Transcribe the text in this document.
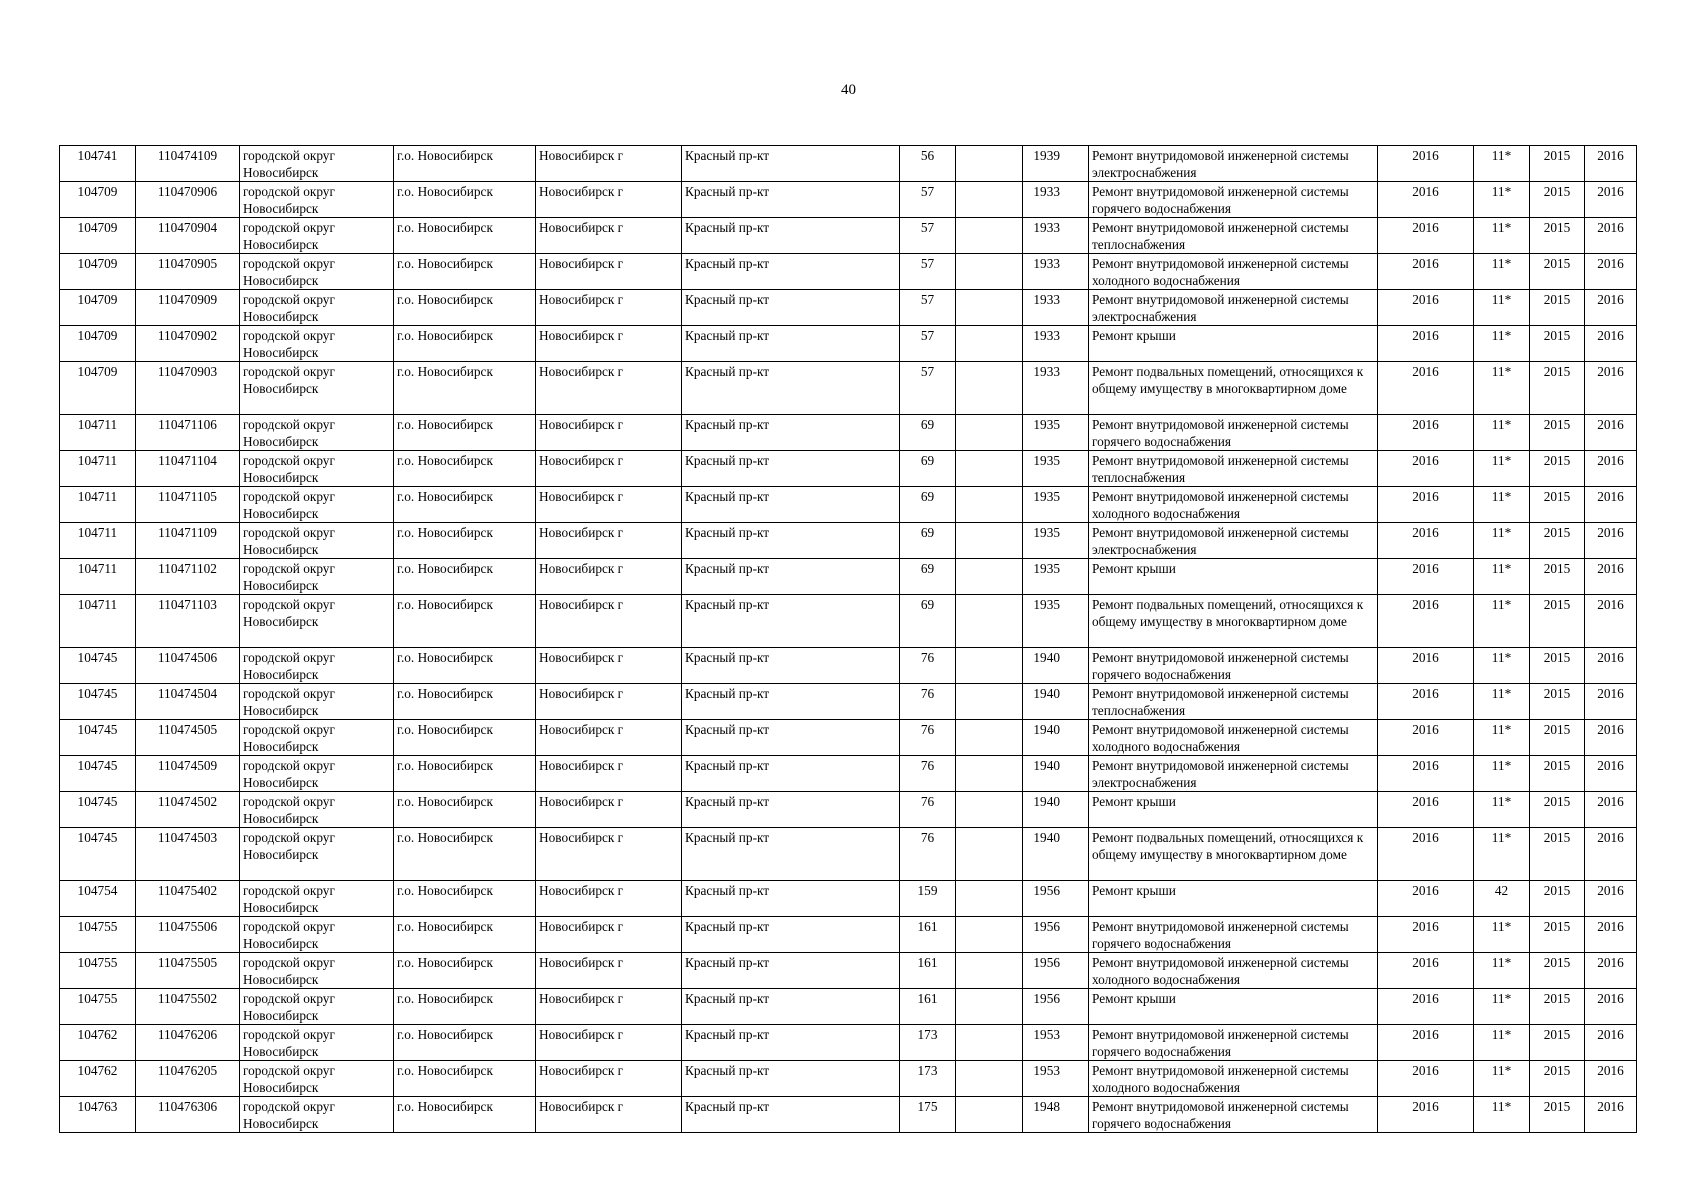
40
104741	110474109	городской округ Новосибирск	г.о. Новосибирск	Новосибирск г	Красный пр-кт	56		1939	Ремонт внутридомовой инженерной системы электроснабжения	2016	11*	2015	2016
104709	110470906	городской округ Новосибирск	г.о. Новосибирск	Новосибирск г	Красный пр-кт	57		1933	Ремонт внутридомовой инженерной системы горячего водоснабжения	2016	11*	2015	2016
104709	110470904	городской округ Новосибирск	г.о. Новосибирск	Новосибирск г	Красный пр-кт	57		1933	Ремонт внутридомовой инженерной системы теплоснабжения	2016	11*	2015	2016
104709	110470905	городской округ Новосибирск	г.о. Новосибирск	Новосибирск г	Красный пр-кт	57		1933	Ремонт внутридомовой инженерной системы холодного водоснабжения	2016	11*	2015	2016
104709	110470909	городской округ Новосибирск	г.о. Новосибирск	Новосибирск г	Красный пр-кт	57		1933	Ремонт внутридомовой инженерной системы электроснабжения	2016	11*	2015	2016
104709	110470902	городской округ Новосибирск	г.о. Новосибирск	Новосибирск г	Красный пр-кт	57		1933	Ремонт крыши	2016	11*	2015	2016
104709	110470903	городской округ Новосибирск	г.о. Новосибирск	Новосибирск г	Красный пр-кт	57		1933	Ремонт подвальных помещений, относящихся к общему имуществу в многоквартирном доме	2016	11*	2015	2016
104711	110471106	городской округ Новосибирск	г.о. Новосибирск	Новосибирск г	Красный пр-кт	69		1935	Ремонт внутридомовой инженерной системы горячего водоснабжения	2016	11*	2015	2016
104711	110471104	городской округ Новосибирск	г.о. Новосибирск	Новосибирск г	Красный пр-кт	69		1935	Ремонт внутридомовой инженерной системы теплоснабжения	2016	11*	2015	2016
104711	110471105	городской округ Новосибирск	г.о. Новосибирск	Новосибирск г	Красный пр-кт	69		1935	Ремонт внутридомовой инженерной системы холодного водоснабжения	2016	11*	2015	2016
104711	110471109	городской округ Новосибирск	г.о. Новосибирск	Новосибирск г	Красный пр-кт	69		1935	Ремонт внутридомовой инженерной системы электроснабжения	2016	11*	2015	2016
104711	110471102	городской округ Новосибирск	г.о. Новосибирск	Новосибирск г	Красный пр-кт	69		1935	Ремонт крыши	2016	11*	2015	2016
104711	110471103	городской округ Новосибирск	г.о. Новосибирск	Новосибирск г	Красный пр-кт	69		1935	Ремонт подвальных помещений, относящихся к общему имуществу в многоквартирном доме	2016	11*	2015	2016
104745	110474506	городской округ Новосибирск	г.о. Новосибирск	Новосибирск г	Красный пр-кт	76		1940	Ремонт внутридомовой инженерной системы горячего водоснабжения	2016	11*	2015	2016
104745	110474504	городской округ Новосибирск	г.о. Новосибирск	Новосибирск г	Красный пр-кт	76		1940	Ремонт внутридомовой инженерной системы теплоснабжения	2016	11*	2015	2016
104745	110474505	городской округ Новосибирск	г.о. Новосибирск	Новосибирск г	Красный пр-кт	76		1940	Ремонт внутридомовой инженерной системы холодного водоснабжения	2016	11*	2015	2016
104745	110474509	городской округ Новосибирск	г.о. Новосибирск	Новосибирск г	Красный пр-кт	76		1940	Ремонт внутридомовой инженерной системы электроснабжения	2016	11*	2015	2016
104745	110474502	городской округ Новосибирск	г.о. Новосибирск	Новосибирск г	Красный пр-кт	76		1940	Ремонт крыши	2016	11*	2015	2016
104745	110474503	городской округ Новосибирск	г.о. Новосибирск	Новосибирск г	Красный пр-кт	76		1940	Ремонт подвальных помещений, относящихся к общему имуществу в многоквартирном доме	2016	11*	2015	2016
104754	110475402	городской округ Новосибирск	г.о. Новосибирск	Новосибирск г	Красный пр-кт	159		1956	Ремонт крыши	2016	42	2015	2016
104755	110475506	городской округ Новосибирск	г.о. Новосибирск	Новосибирск г	Красный пр-кт	161		1956	Ремонт внутридомовой инженерной системы горячего водоснабжения	2016	11*	2015	2016
104755	110475505	городской округ Новосибирск	г.о. Новосибирск	Новосибирск г	Красный пр-кт	161		1956	Ремонт внутридомовой инженерной системы холодного водоснабжения	2016	11*	2015	2016
104755	110475502	городской округ Новосибирск	г.о. Новосибирск	Новосибирск г	Красный пр-кт	161		1956	Ремонт крыши	2016	11*	2015	2016
104762	110476206	городской округ Новосибирск	г.о. Новосибирск	Новосибирск г	Красный пр-кт	173		1953	Ремонт внутридомовой инженерной системы горячего водоснабжения	2016	11*	2015	2016
104762	110476205	городской округ Новосибирск	г.о. Новосибирск	Новосибирск г	Красный пр-кт	173		1953	Ремонт внутридомовой инженерной системы холодного водоснабжения	2016	11*	2015	2016
104763	110476306	городской округ Новосибирск	г.о. Новосибирск	Новосибирск г	Красный пр-кт	175		1948	Ремонт внутридомовой инженерной системы горячего водоснабжения	2016	11*	2015	2016
